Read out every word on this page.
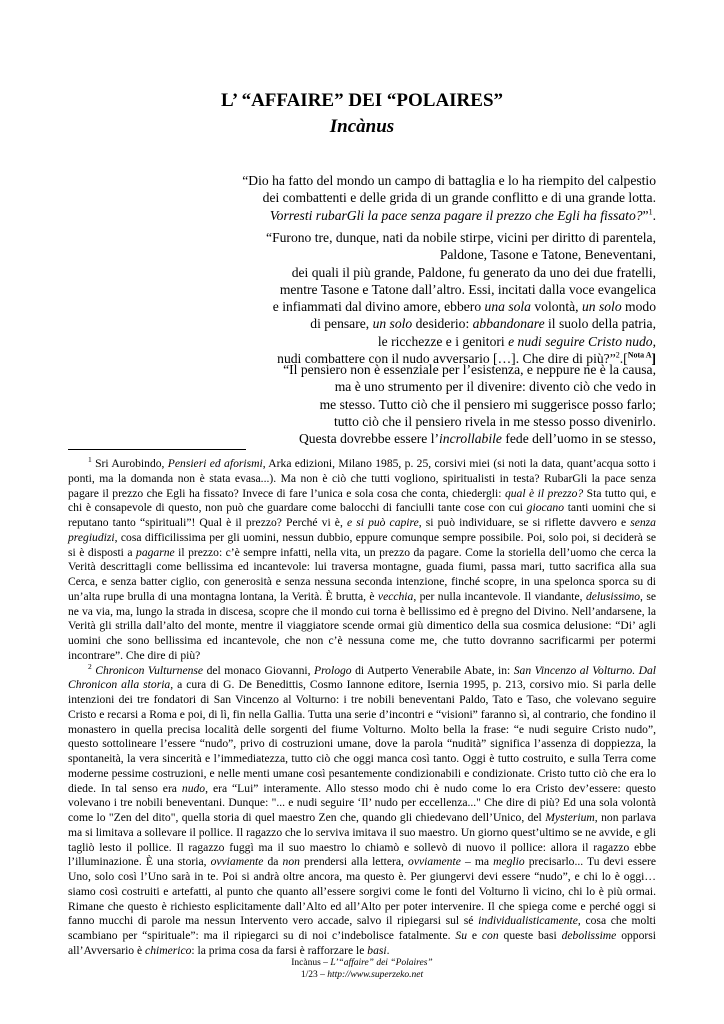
L’ “AFFAIRE” DEI “POLAIRES”
Incànus
“Dio ha fatto del mondo un campo di battaglia e lo ha riempito del calpestio
dei combattenti e delle grida di un grande conflitto e di una grande lotta.
Vorresti rubarGli la pace senza pagare il prezzo che Egli ha fissato?”$^1$.
“Furono tre, dunque, nati da nobile stirpe, vicini per diritto di parentela,
Paldone, Tasone e Tatone, Beneventani,
dei quali il più grande, Paldone, fu generato da uno dei due fratelli,
mentre Tasone e Tatone dall’altro. Essi, incitati dalla voce evangelica
e infiammati dal divino amore, ebbero una sola volontà, un solo modo
di pensare, un solo desiderio: abbandonare il suolo della patria,
le ricchezze e i genitori e nudi seguire Cristo nudo,
nudi combattere con il nudo avversario […]. Che dire di più?”$^2$.[$^{Nota A}$]
“Il pensiero non è essenziale per l’esistenza, e neppure ne è la causa,
ma è uno strumento per il divenire: divento ciò che vedo in
me stesso. Tutto ciò che il pensiero mi suggerisce posso farlo;
tutto ciò che il pensiero rivela in me stesso posso divenirlo.
Questa dovrebbe essere l’incrollabile fede dell’uomo in se stesso,

$^1$ Sri Aurobindo, Pensieri ed aforismi, Arka edizioni, Milano 1985, p. 25, corsivi miei (si noti la data, quant’acqua sotto i ponti, ma la domanda non è stata evasa...). Ma non è ciò che tutti vogliono, spiritualisti in testa? RubarGli la pace senza pagare il prezzo che Egli ha fissato? Invece di fare l’unica e sola cosa che conta, chiedergli: qual è il prezzo? Sta tutto qui, e chi è consapevole di questo, non può che guardare come balocchi di fanciulli tante cose con cui giocano tanti uomini che si reputano tanto “spirituali”! Qual è il prezzo? Perché vi è, e si può capire, si può individuare, se si riflette davvero e senza pregiudizi, cosa difficilissima per gli uomini, nessun dubbio, eppure comunque sempre possibile. Poi, solo poi, si deciderà se si è disposti a pagarne il prezzo: c’è sempre infatti, nella vita, un prezzo da pagare. Come la storiella dell’uomo che cerca la Verità descrittagli come bellissima ed incantevole: lui traversa montagne, guada fiumi, passa mari, tutto sacrifica alla sua Cerca, e senza batter ciglio, con generosità e senza nessuna seconda intenzione, finché scopre, in una spelonca sporca su di un’alta rupe brulla di una montagna lontana, la Verità. È brutta, è vecchia, per nulla incantevole. Il viandante, delusissimo, se ne va via, ma, lungo la strada in discesa, scopre che il mondo cui torna è bellissimo ed è pregno del Divino. Nell’andarsene, la Verità gli strilla dall’alto del monte, mentre il viaggiatore scende ormai giù dimentico della sua cosmica delusione: “Di’ agli uomini che sono bellissima ed incantevole, che non c’è nessuna come me, che tutto dovranno sacrificarmi per potermi incontrare”. Che dire di più?

$^2$ Chronicon Vulturnense del monaco Giovanni, Prologo di Autperto Venerabile Abate, in: San Vincenzo al Volturno. Dal Chronicon alla storia, a cura di G. De Benedittis, Cosmo Iannone editore, Isernia 1995, p. 213, corsivo mio. Si parla delle intenzioni dei tre fondatori di San Vincenzo al Volturno: i tre nobili beneventani Paldo, Tato e Taso, che volevano seguire Cristo e recarsi a Roma e poi, di lì, fin nella Gallia. Tutta una serie d’incontri e “visioni” faranno sì, al contrario, che fondino il monastero in quella precisa località delle sorgenti del fiume Volturno. Molto bella la frase: “e nudi seguire Cristo nudo”, questo sottolineare l’essere “nudo”, privo di costruzioni umane, dove la parola “nudità” significa l’assenza di doppiezza, la spontaneità, la vera sincerità e l’immediatezza, tutto ciò che oggi manca così tanto. Oggi è tutto costruito, e sulla Terra come moderne pessime costruzioni, e nelle menti umane così pesantemente condizionabili e condizionate. Cristo tutto ciò che era lo diede. In tal senso era nudo, era “Lui” interamente. Allo stesso modo chi è nudo come lo era Cristo dev’essere: questo volevano i tre nobili beneventani. Dunque: "... e nudi seguire ‘Il’ nudo per eccellenza..." Che dire di più? Ed una sola volontà come lo "Zen del dito", quella storia di quel maestro Zen che, quando gli chiedevano dell’Unico, del Mysterium, non parlava ma si limitava a sollevare il pollice. Il ragazzo che lo serviva imitava il suo maestro. Un giorno quest’ultimo se ne avvide, e gli tagliò lesto il pollice. Il ragazzo fuggì ma il suo maestro lo chiamò e sollevò di nuovo il pollice: allora il ragazzo ebbe l’illuminazione. È una storia, ovviamente da non prendersi alla lettera, ovviamente – ma meglio precisarlo... Tu devi essere Uno, solo così l’Uno sarà in te. Poi si andrà oltre ancora, ma questo è. Per giungervi devi essere “nudo”, e chi lo è oggi… siamo così costruiti e artefatti, al punto che quanto all’essere sorgivi come le fonti del Volturno lì vicino, chi lo è più ormai. Rimane che questo è richiesto esplicitamente dall’Alto ed all’Alto per poter intervenire. Il che spiega come e perché oggi si fanno mucchi di parole ma nessun Intervento vero accade, salvo il ripiegarsi sul sé individualisticamente, cosa che molti scambiano per “spirituale”: ma il ripiegarci su di noi c’indebolisce fatalmente. Su e con queste basi debolissime opporsi all’Avversario è chimerico: la prima cosa da farsi è rafforzare le basi.

Incànus – L’“affaire” dei “Polaires”
1/23 – http://www.superzeko.net
